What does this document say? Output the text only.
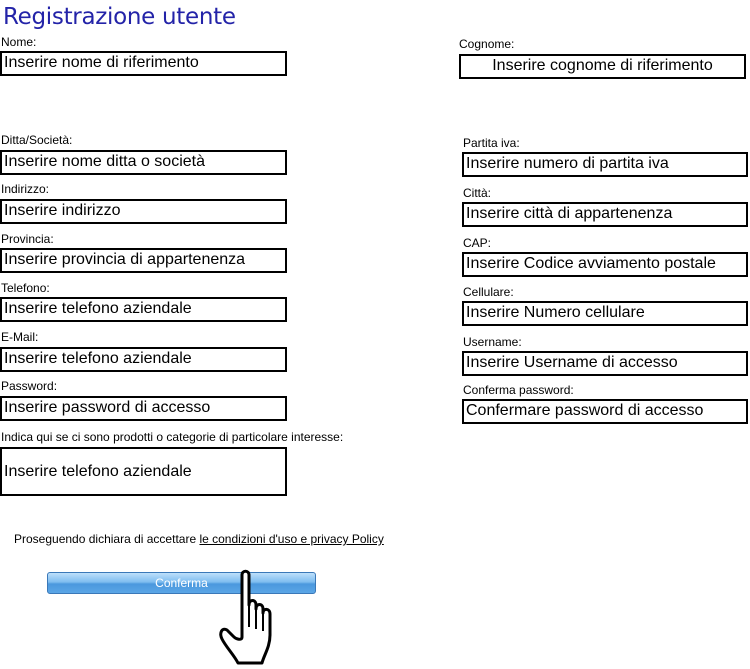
Registrazione utente
Nome:
Inserire nome di riferimento
Ditta/Società:
Inserire nome ditta o società
Indirizzo:
Inserire indirizzo
Provincia:
Inserire provincia di appartenenza
Telefono:
Inserire telefono aziendale
E-Mail:
Inserire telefono aziendale
Password:
Inserire password di accesso
Indica qui se ci sono prodotti o categorie di particolare interesse:
Inserire telefono aziendale
Cognome:
Inserire cognome di riferimento
Partita iva:
Inserire numero di partita iva
Città:
Inserire città di appartenenza
CAP:
Inserire Codice avviamento postale
Cellulare:
Inserire Numero cellulare
Username:
Inserire Username di accesso
Conferma password:
Confermare password di accesso
Proseguendo dichiara di accettare le condizioni d'uso e privacy Policy
Conferma
